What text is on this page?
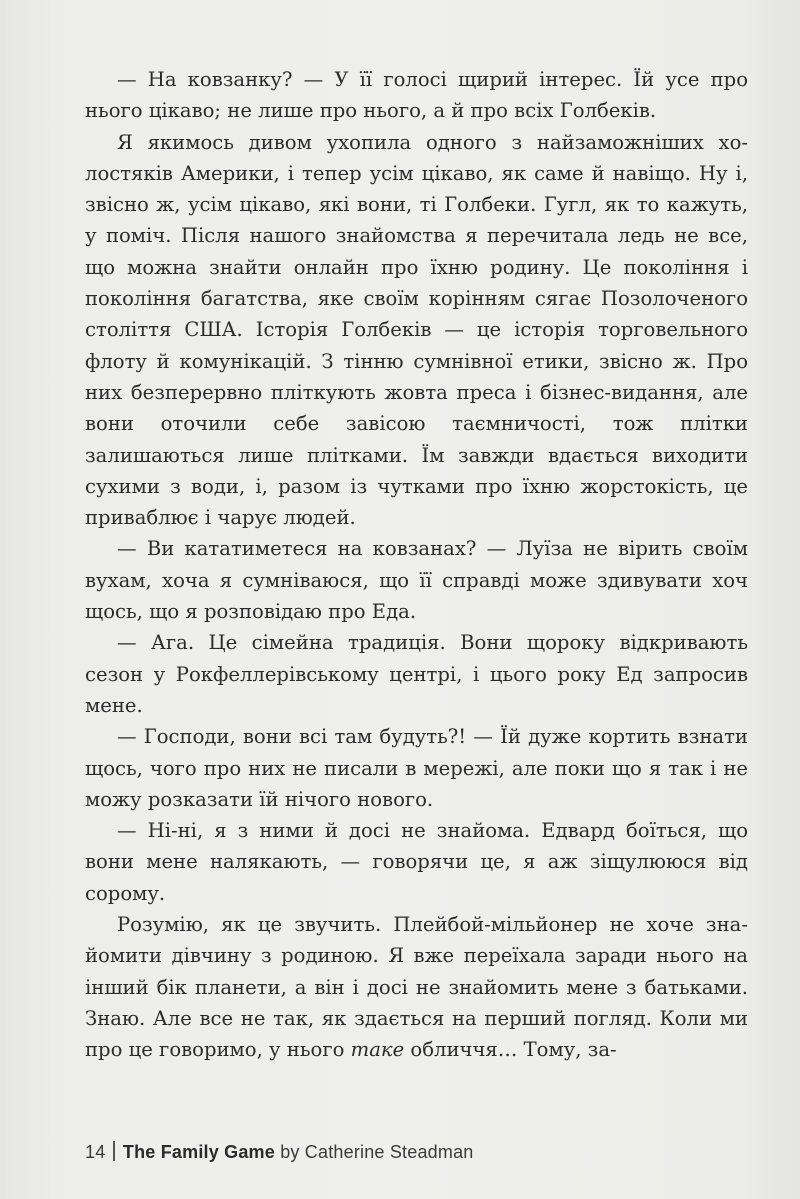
— На ковзанку? — У її голосі щирий інтерес. Їй усе про нього цікаво; не лише про нього, а й про всіх Голбеків.

Я якимось дивом ухопила одного з найзаможніших холостяків Америки, і тепер усім цікаво, як саме й навіщо. Ну і, звісно ж, усім цікаво, які вони, ті Голбеки. Гугл, як то кажуть, у поміч. Після нашого знайомства я перечитала ледь не все, що можна знайти онлайн про їхню родину. Це покоління і покоління багатства, яке своїм корінням сягає Позолоченого століття США. Історія Голбеків — це історія торговельного флоту й комунікацій. З тінню сумнівної етики, звісно ж. Про них безперервно пліткують жовта преса і бізнес-видання, але вони оточили себе завісою таємничості, тож плітки залишаються лише плітками. Їм завжди вдається виходити сухими з води, і, разом із чутками про їхню жорстокість, це приваблює і чарує людей.

— Ви кататиметеся на ковзанах? — Луїза не вірить своїм вухам, хоча я сумніваюся, що її справді може здивувати хоч щось, що я розповідаю про Еда.

— Ага. Це сімейна традиція. Вони щороку відкривають сезон у Рокфеллерівському центрі, і цього року Ед запросив мене.

— Господи, вони всі там будуть?! — Їй дуже кортить взнати щось, чого про них не писали в мережі, але поки що я так і не можу розказати їй нічого нового.

— Ні-ні, я з ними й досі не знайома. Едвард боїться, що вони мене налякають, — говорячи це, я аж зіщулююся від сорому.

Розумію, як це звучить. Плейбой-мільйонер не хоче знайомити дівчину з родиною. Я вже переїхала заради нього на інший бік планети, а він і досі не знайомить мене з батьками. Знаю. Але все не так, як здається на перший погляд. Коли ми про це говоримо, у нього таке обличчя… Тому, за-

14 The Family Game by Catherine Steadman
